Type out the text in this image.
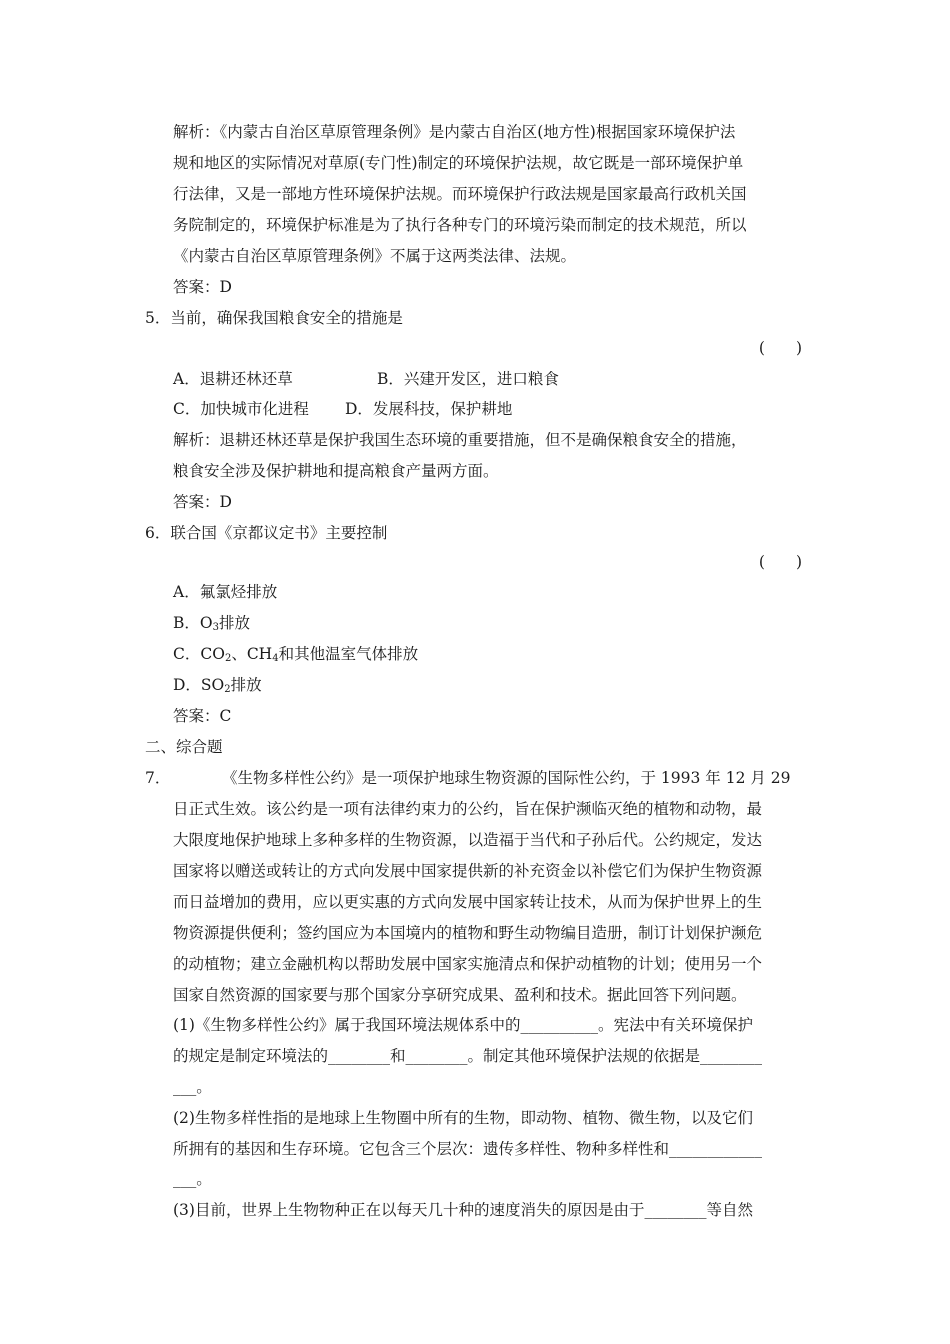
解析：《内蒙古自治区草原管理条例》是内蒙古自治区(地方性)根据国家环境保护法
规和地区的实际情况对草原(专门性)制定的环境保护法规，故它既是一部环境保护单
行法律，又是一部地方性环境保护法规。而环境保护行政法规是国家最高行政机关国
务院制定的，环境保护标准是为了执行各种专门的环境污染而制定的技术规范，所以
《内蒙古自治区草原管理条例》不属于这两类法律、法规。
答案：D
5．当前，确保我国粮食安全的措施是
(　　)
A．退耕还林还草	B．兴建开发区，进口粮食
C．加快城市化进程 D．发展科技，保护耕地
解析：退耕还林还草是保护我国生态环境的重要措施，但不是确保粮食安全的措施，
粮食安全涉及保护耕地和提高粮食产量两方面。
答案：D
6．联合国《京都议定书》主要控制
(　　)
A．氟氯烃排放
B．$O_3$排放
C．$CO_2$、$CH_4$和其他温室气体排放
D．$SO_2$排放
答案：C
二、综合题
7．	《生物多样性公约》是一项保护地球生物资源的国际性公约，于 1993 年 12 月 29
日正式生效。该公约是一项有法律约束力的公约，旨在保护濒临灭绝的植物和动物，最
大限度地保护地球上多种多样的生物资源，以造福于当代和子孙后代。公约规定，发达
国家将以赠送或转让的方式向发展中国家提供新的补充资金以补偿它们为保护生物资源
而日益增加的费用，应以更实惠的方式向发展中国家转让技术，从而为保护世界上的生
物资源提供便利；签约国应为本国境内的植物和野生动物编目造册，制订计划保护濒危
的动植物；建立金融机构以帮助发展中国家实施清点和保护动植物的计划；使用另一个
国家自然资源的国家要与那个国家分享研究成果、盈利和技术。据此回答下列问题。
(1)《生物多样性公约》属于我国环境法规体系中的__________。宪法中有关环境保护
的规定是制定环境法的________和________。制定其他环境保护法规的依据是________
___。
(2)生物多样性指的是地球上生物圈中所有的生物，即动物、植物、微生物，以及它们
所拥有的基因和生存环境。它包含三个层次：遗传多样性、物种多样性和____________
___。
(3)目前，世界上生物物种正在以每天几十种的速度消失的原因是由于________等自然
